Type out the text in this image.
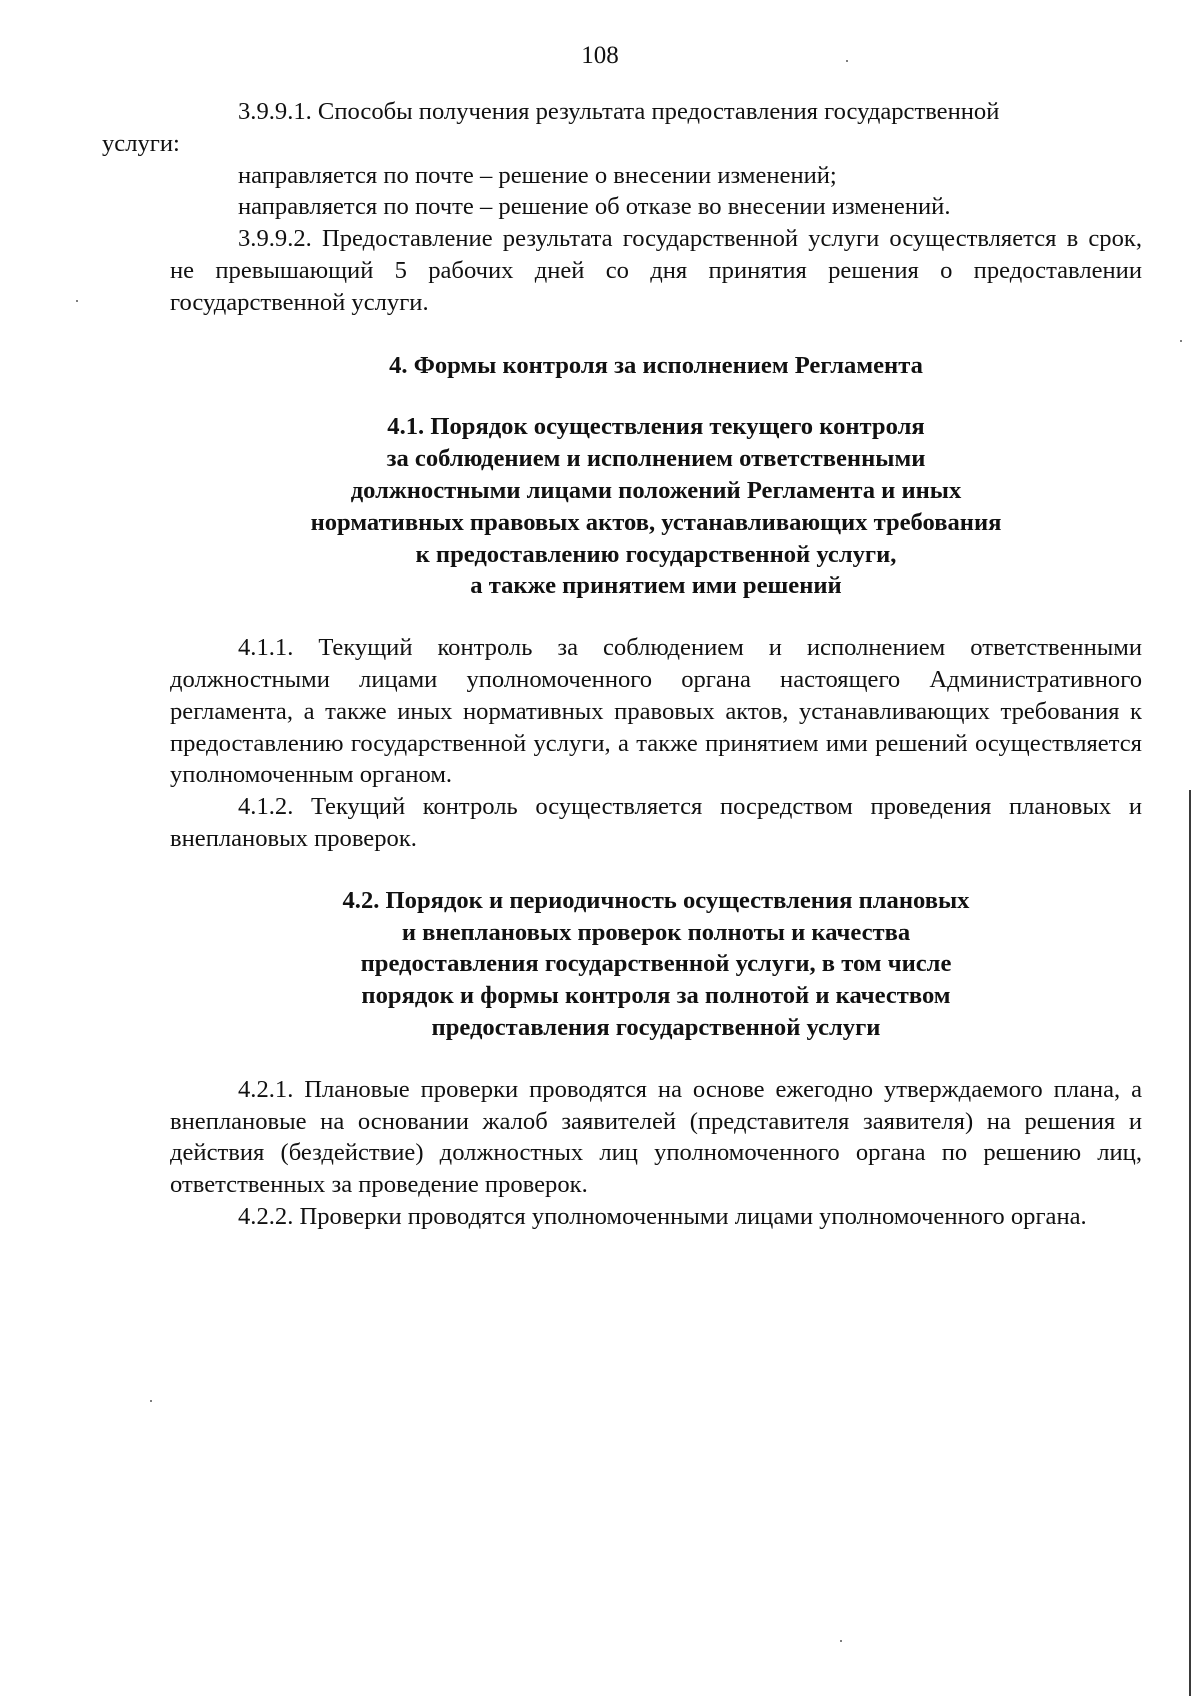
108

3.9.9.1. Способы получения результата предоставления государственной
услуги:

направляется по почте – решение о внесении изменений;

направляется по почте – решение об отказе во внесении изменений.

3.9.9.2. Предоставление результата государственной услуги осуществляется в срок, не превышающий 5 рабочих дней со дня принятия решения о предоставлении государственной услуги.

4. Формы контроля за исполнением Регламента
4.1. Порядок осуществления текущего контроля
за соблюдением и исполнением ответственными
должностными лицами положений Регламента и иных
нормативных правовых актов, устанавливающих требования
к предоставлению государственной услуги,
а также принятием ими решений

4.1.1. Текущий контроль за соблюдением и исполнением ответственными должностными лицами уполномоченного органа настоящего Административного регламента, а также иных нормативных правовых актов, устанавливающих требования к предоставлению государственной услуги, а также принятием ими решений осуществляется уполномоченным органом.

4.1.2. Текущий контроль осуществляется посредством проведения плановых и внеплановых проверок.

4.2. Порядок и периодичность осуществления плановых
и внеплановых проверок полноты и качества
предоставления государственной услуги, в том числе
порядок и формы контроля за полнотой и качеством
предоставления государственной услуги

4.2.1. Плановые проверки проводятся на основе ежегодно утверждаемого плана, а внеплановые на основании жалоб заявителей (представителя заявителя) на решения и действия (бездействие) должностных лиц уполномоченного органа по решению лиц, ответственных за проведение проверок.

4.2.2. Проверки проводятся уполномоченными лицами уполномоченного органа.
